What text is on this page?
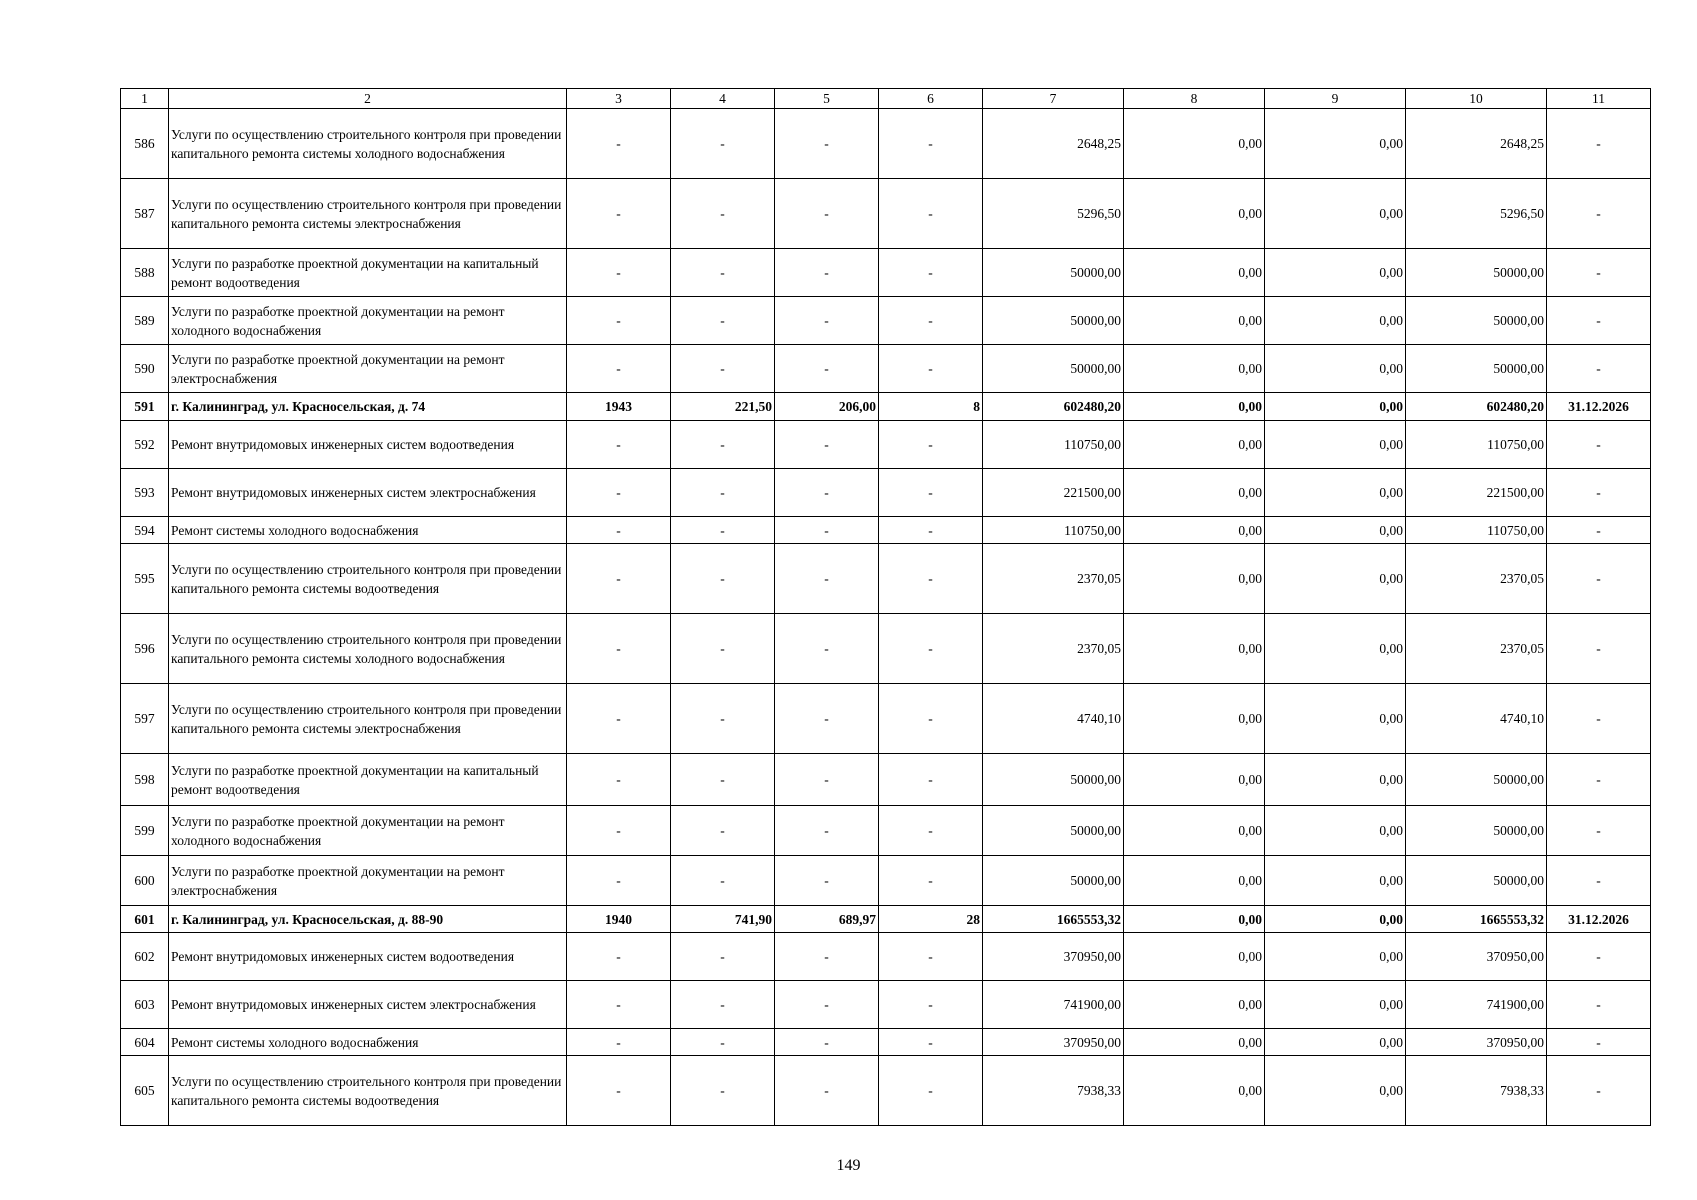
1	2	3	4	5	6	7	8	9	10	11
586	Услуги по осуществлению строительного контроля при проведении капитального ремонта системы холодного водоснабжения	-	-	-	-	2648,25	0,00	0,00	2648,25	-
587	Услуги по осуществлению строительного контроля при проведении капитального ремонта системы электроснабжения	-	-	-	-	5296,50	0,00	0,00	5296,50	-
588	Услуги по разработке проектной документации на капитальный ремонт водоотведения	-	-	-	-	50000,00	0,00	0,00	50000,00	-
589	Услуги по разработке проектной документации на ремонт холодного водоснабжения	-	-	-	-	50000,00	0,00	0,00	50000,00	-
590	Услуги по разработке проектной документации на ремонт электроснабжения	-	-	-	-	50000,00	0,00	0,00	50000,00	-
591	г. Калининград, ул. Красносельская, д. 74	1943	221,50	206,00	8	602480,20	0,00	0,00	602480,20	31.12.2026
592	Ремонт внутридомовых инженерных систем водоотведения	-	-	-	-	110750,00	0,00	0,00	110750,00	-
593	Ремонт внутридомовых инженерных систем электроснабжения	-	-	-	-	221500,00	0,00	0,00	221500,00	-
594	Ремонт системы холодного водоснабжения	-	-	-	-	110750,00	0,00	0,00	110750,00	-
595	Услуги по осуществлению строительного контроля при проведении капитального ремонта системы водоотведения	-	-	-	-	2370,05	0,00	0,00	2370,05	-
596	Услуги по осуществлению строительного контроля при проведении капитального ремонта системы холодного водоснабжения	-	-	-	-	2370,05	0,00	0,00	2370,05	-
597	Услуги по осуществлению строительного контроля при проведении капитального ремонта системы электроснабжения	-	-	-	-	4740,10	0,00	0,00	4740,10	-
598	Услуги по разработке проектной документации на капитальный ремонт водоотведения	-	-	-	-	50000,00	0,00	0,00	50000,00	-
599	Услуги по разработке проектной документации на ремонт холодного водоснабжения	-	-	-	-	50000,00	0,00	0,00	50000,00	-
600	Услуги по разработке проектной документации на ремонт электроснабжения	-	-	-	-	50000,00	0,00	0,00	50000,00	-
601	г. Калининград, ул. Красносельская, д. 88-90	1940	741,90	689,97	28	1665553,32	0,00	0,00	1665553,32	31.12.2026
602	Ремонт внутридомовых инженерных систем водоотведения	-	-	-	-	370950,00	0,00	0,00	370950,00	-
603	Ремонт внутридомовых инженерных систем электроснабжения	-	-	-	-	741900,00	0,00	0,00	741900,00	-
604	Ремонт системы холодного водоснабжения	-	-	-	-	370950,00	0,00	0,00	370950,00	-
605	Услуги по осуществлению строительного контроля при проведении капитального ремонта системы водоотведения	-	-	-	-	7938,33	0,00	0,00	7938,33	-
149
